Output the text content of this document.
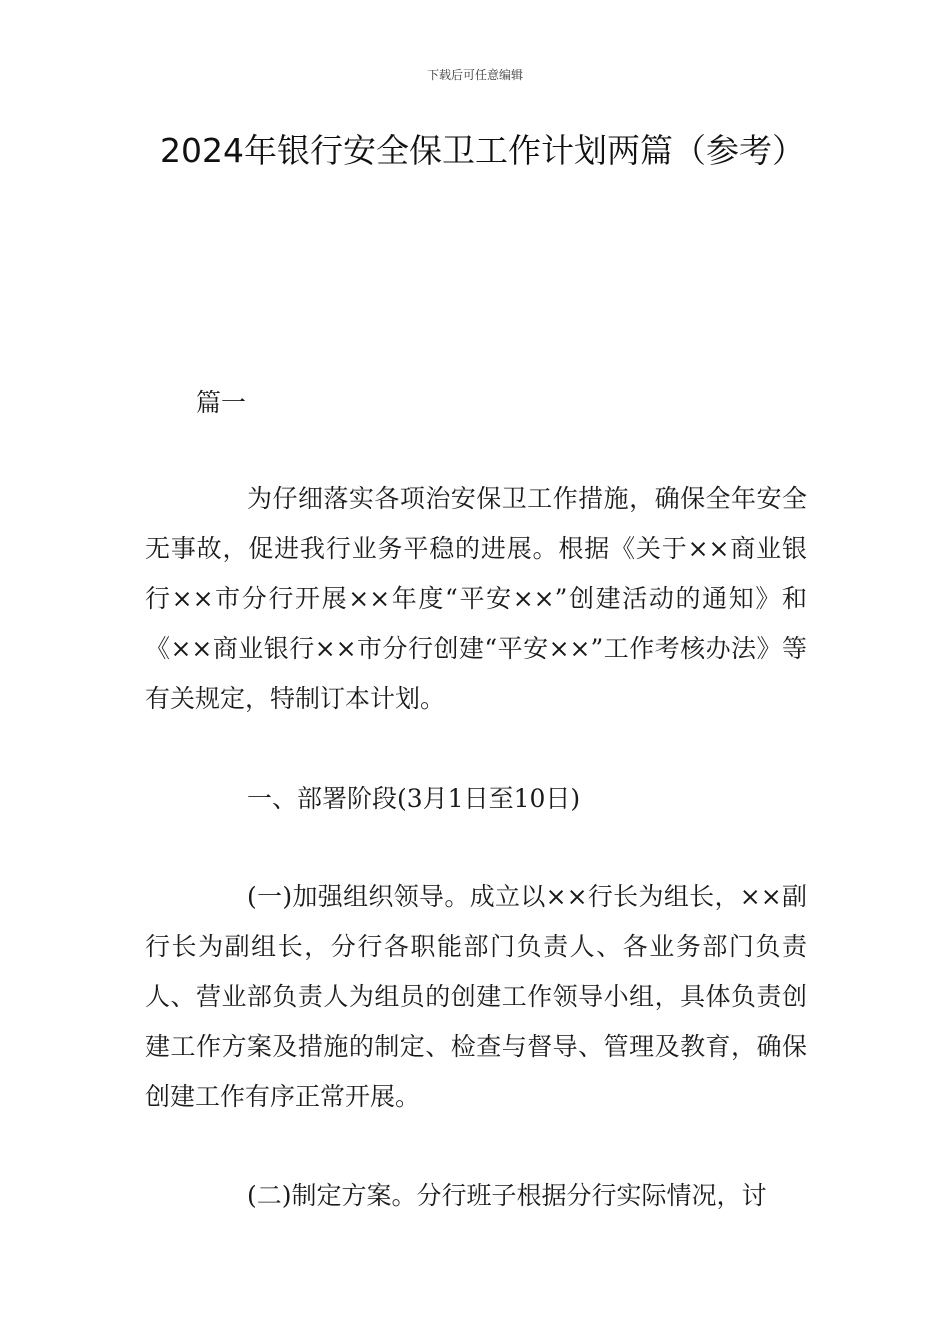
下载后可任意编辑
2024年银行安全保卫工作计划两篇（参考）
篇一
为仔细落实各项治安保卫工作措施，确保全年安全无事故，促进我行业务平稳的进展。根据《关于××商业银行××市分行开展××年度“平安××”创建活动的通知》和《××商业银行××市分行创建“平安××”工作考核办法》等有关规定，特制订本计划。
一、部署阶段(3月1日至10日)
(一)加强组织领导。成立以××行长为组长，××副行长为副组长，分行各职能部门负责人、各业务部门负责人、营业部负责人为组员的创建工作领导小组，具体负责创建工作方案及措施的制定、检查与督导、管理及教育，确保创建工作有序正常开展。
(二)制定方案。分行班子根据分行实际情况，讨
